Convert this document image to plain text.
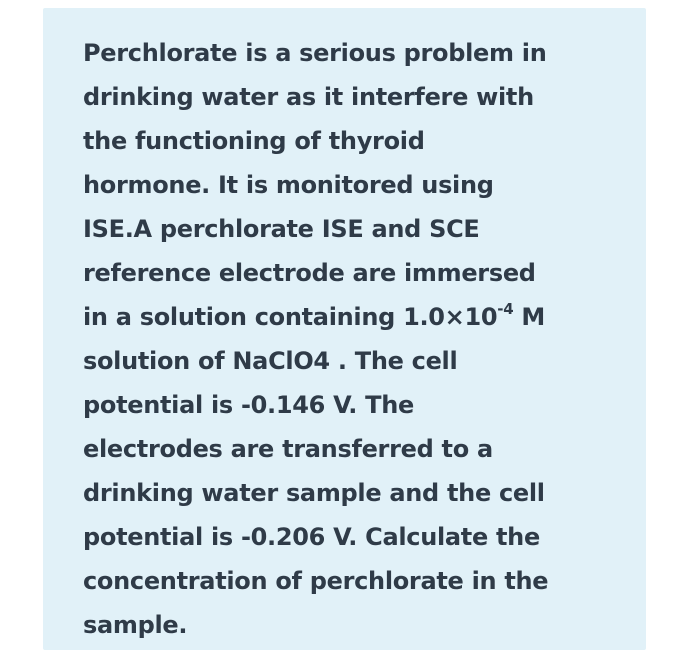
Perchlorate is a serious problem in
drinking water as it interfere with
the functioning of thyroid
hormone. It is monitored using
ISE.A perchlorate ISE and SCE
reference electrode are immersed
in a solution containing $1.0\times 10^{-4}$ M
solution of NaClO4 . The cell
potential is -0.146 V. The
electrodes are transferred to a
drinking water sample and the cell
potential is -0.206 V. Calculate the
concentration of perchlorate in the
sample.
